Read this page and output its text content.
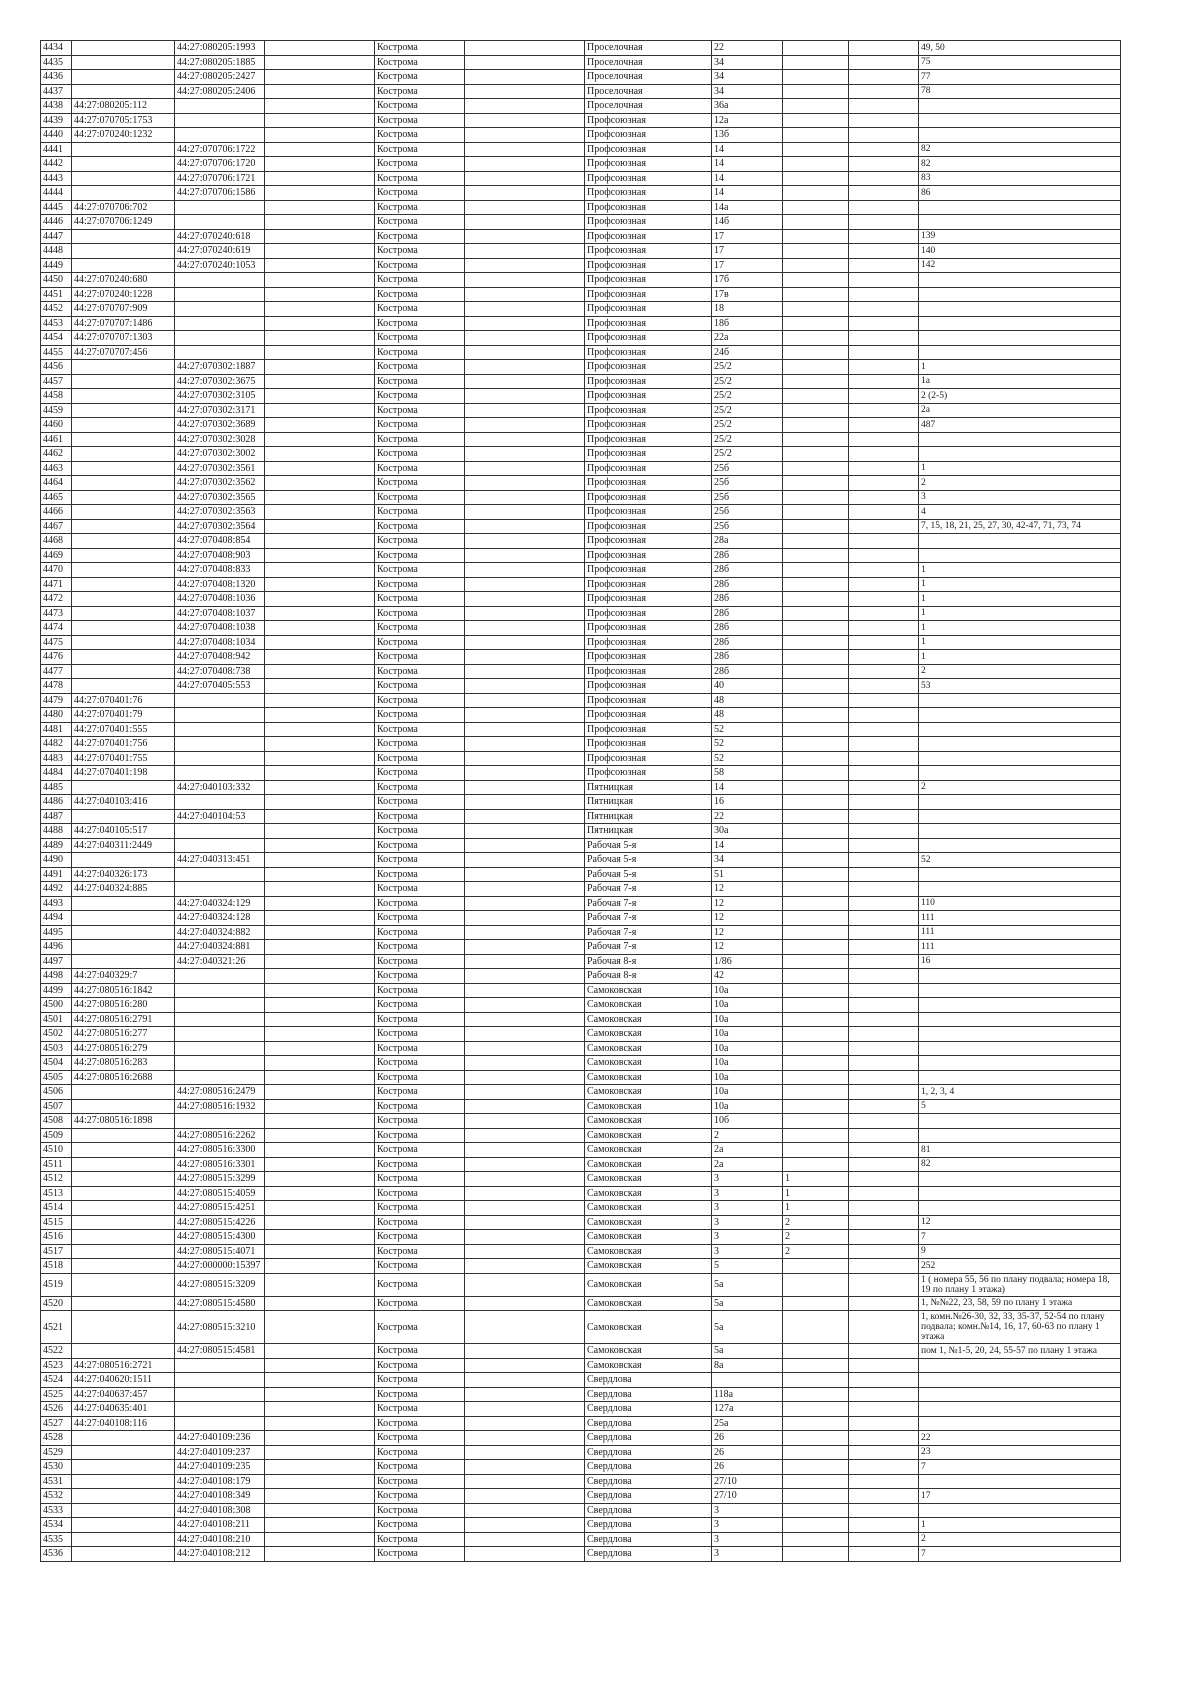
4434		44:27:080205:1993		Кострома		Проселочная	22				49, 50
4435		44:27:080205:1885		Кострома		Проселочная	34				75
4436		44:27:080205:2427		Кострома		Проселочная	34				77
4437		44:27:080205:2406		Кострома		Проселочная	34				78
4438	44:27:080205:112			Кострома		Проселочная	36а				
4439	44:27:070705:1753			Кострома		Профсоюзная	12а				
4440	44:27:070240:1232			Кострома		Профсоюзная	13б				
4441		44:27:070706:1722		Кострома		Профсоюзная	14				82
4442		44:27:070706:1720		Кострома		Профсоюзная	14				82
4443		44:27:070706:1721		Кострома		Профсоюзная	14				83
4444		44:27:070706:1586		Кострома		Профсоюзная	14				86
4445	44:27:070706:702			Кострома		Профсоюзная	14а				
4446	44:27:070706:1249			Кострома		Профсоюзная	14б				
4447		44:27:070240:618		Кострома		Профсоюзная	17				139
4448		44:27:070240:619		Кострома		Профсоюзная	17				140
4449		44:27:070240:1053		Кострома		Профсоюзная	17				142
4450	44:27:070240:680			Кострома		Профсоюзная	17б				
4451	44:27:070240:1228			Кострома		Профсоюзная	17в				
4452	44:27:070707:909			Кострома		Профсоюзная	18				
4453	44:27:070707:1486			Кострома		Профсоюзная	18б				
4454	44:27:070707:1303			Кострома		Профсоюзная	22а				
4455	44:27:070707:456			Кострома		Профсоюзная	24б				
4456		44:27:070302:1887		Кострома		Профсоюзная	25/2				1
4457		44:27:070302:3675		Кострома		Профсоюзная	25/2				1а
4458		44:27:070302:3105		Кострома		Профсоюзная	25/2				2 (2-5)
4459		44:27:070302:3171		Кострома		Профсоюзная	25/2				2а
4460		44:27:070302:3689		Кострома		Профсоюзная	25/2				487
4461		44:27:070302:3028		Кострома		Профсоюзная	25/2				
4462		44:27:070302:3002		Кострома		Профсоюзная	25/2				
4463		44:27:070302:3561		Кострома		Профсоюзная	25б				1
4464		44:27:070302:3562		Кострома		Профсоюзная	25б				2
4465		44:27:070302:3565		Кострома		Профсоюзная	25б				3
4466		44:27:070302:3563		Кострома		Профсоюзная	25б				4
4467		44:27:070302:3564		Кострома		Профсоюзная	25б				7, 15, 18, 21, 25, 27, 30, 42-47, 71, 73, 74
4468		44:27:070408:854		Кострома		Профсоюзная	28а				
4469		44:27:070408:903		Кострома		Профсоюзная	28б				
4470		44:27:070408:833		Кострома		Профсоюзная	28б				1
4471		44:27:070408:1320		Кострома		Профсоюзная	28б				1
4472		44:27:070408:1036		Кострома		Профсоюзная	28б				1
4473		44:27:070408:1037		Кострома		Профсоюзная	28б				1
4474		44:27:070408:1038		Кострома		Профсоюзная	28б				1
4475		44:27:070408:1034		Кострома		Профсоюзная	28б				1
4476		44:27:070408:942		Кострома		Профсоюзная	28б				1
4477		44:27:070408:738		Кострома		Профсоюзная	28б				2
4478		44:27:070405:553		Кострома		Профсоюзная	40				53
4479	44:27:070401:76			Кострома		Профсоюзная	48				
4480	44:27:070401:79			Кострома		Профсоюзная	48				
4481	44:27:070401:555			Кострома		Профсоюзная	52				
4482	44:27:070401:756			Кострома		Профсоюзная	52				
4483	44:27:070401:755			Кострома		Профсоюзная	52				
4484	44:27:070401:198			Кострома		Профсоюзная	58				
4485		44:27:040103:332		Кострома		Пятницкая	14				2
4486	44:27:040103:416			Кострома		Пятницкая	16				
4487		44:27:040104:53		Кострома		Пятницкая	22				
4488	44:27:040105:517			Кострома		Пятницкая	30а				
4489	44:27:040311:2449			Кострома		Рабочая 5-я	14				
4490		44:27:040313:451		Кострома		Рабочая 5-я	34				52
4491	44:27:040326:173			Кострома		Рабочая 5-я	51				
4492	44:27:040324:885			Кострома		Рабочая 7-я	12				
4493		44:27:040324:129		Кострома		Рабочая 7-я	12				110
4494		44:27:040324:128		Кострома		Рабочая 7-я	12				111
4495		44:27:040324:882		Кострома		Рабочая 7-я	12				111
4496		44:27:040324:881		Кострома		Рабочая 7-я	12				111
4497		44:27:040321:26		Кострома		Рабочая 8-я	1/86				16
4498	44:27:040329:7			Кострома		Рабочая 8-я	42				
4499	44:27:080516:1842			Кострома		Самоковская	10а				
4500	44:27:080516:280			Кострома		Самоковская	10а				
4501	44:27:080516:2791			Кострома		Самоковская	10а				
4502	44:27:080516:277			Кострома		Самоковская	10а				
4503	44:27:080516:279			Кострома		Самоковская	10а				
4504	44:27:080516:283			Кострома		Самоковская	10а				
4505	44:27:080516:2688			Кострома		Самоковская	10а				
4506		44:27:080516:2479		Кострома		Самоковская	10а				1, 2, 3, 4
4507		44:27:080516:1932		Кострома		Самоковская	10а				5
4508	44:27:080516:1898			Кострома		Самоковская	10б				
4509		44:27:080516:2262		Кострома		Самоковская	2				
4510		44:27:080516:3300		Кострома		Самоковская	2а				81
4511		44:27:080516:3301		Кострома		Самоковская	2а				82
4512		44:27:080515:3299		Кострома		Самоковская	3	1			
4513		44:27:080515:4059		Кострома		Самоковская	3	1			
4514		44:27:080515:4251		Кострома		Самоковская	3	1			
4515		44:27:080515:4226		Кострома		Самоковская	3	2			12
4516		44:27:080515:4300		Кострома		Самоковская	3	2			7
4517		44:27:080515:4071		Кострома		Самоковская	3	2			9
4518		44:27:000000:15397		Кострома		Самоковская	5				252
4519		44:27:080515:3209		Кострома		Самоковская	5а				1 ( номера 55, 56 по плану подвала; номера 18, 19 по плану 1 этажа)
4520		44:27:080515:4580		Кострома		Самоковская	5а				1, №№22, 23, 58, 59 по плану 1 этажа
4521		44:27:080515:3210		Кострома		Самоковская	5а				1, комн.№26-30, 32, 33, 35-37, 52-54 по плану подвала; комн.№14, 16, 17, 60-63 по плану 1 этажа
4522		44:27:080515:4581		Кострома		Самоковская	5а				пом 1, №1-5, 20, 24, 55-57 по плану 1 этажа
4523	44:27:080516:2721			Кострома		Самоковская	8а				
4524	44:27:040620:1511			Кострома		Свердлова					
4525	44:27:040637:457			Кострома		Свердлова	118а				
4526	44:27:040635:401			Кострома		Свердлова	127а				
4527	44:27:040108:116			Кострома		Свердлова	25а				
4528		44:27:040109:236		Кострома		Свердлова	26				22
4529		44:27:040109:237		Кострома		Свердлова	26				23
4530		44:27:040109:235		Кострома		Свердлова	26				7
4531		44:27:040108:179		Кострома		Свердлова	27/10				
4532		44:27:040108:349		Кострома		Свердлова	27/10				17
4533		44:27:040108:308		Кострома		Свердлова	3				
4534		44:27:040108:211		Кострома		Свердлова	3				1
4535		44:27:040108:210		Кострома		Свердлова	3				2
4536		44:27:040108:212		Кострома		Свердлова	3				7
